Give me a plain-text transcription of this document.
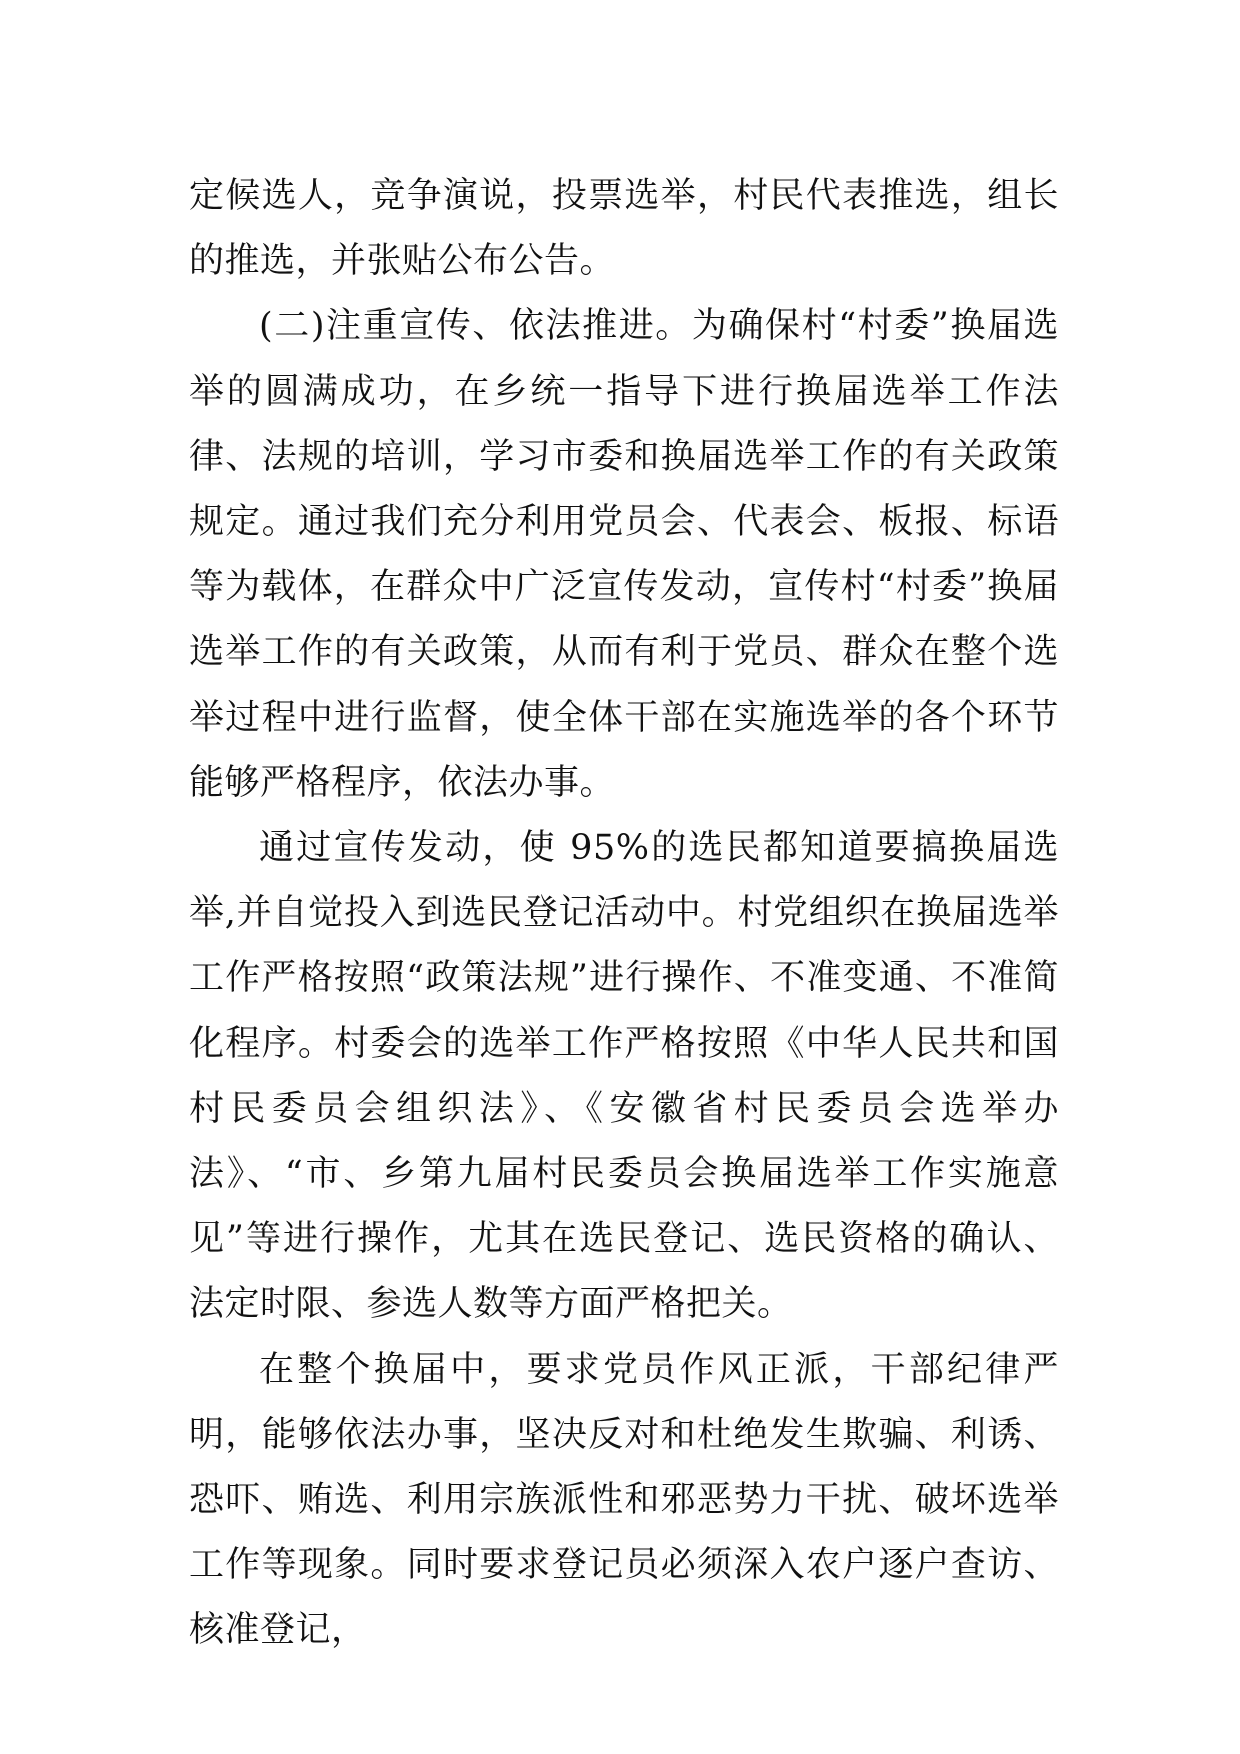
定候选人，竞争演说，投票选举，村民代表推选，组长的推选，并张贴公布公告。

(二)注重宣传、依法推进。为确保村“村委”换届选举的圆满成功，在乡统一指导下进行换届选举工作法律、法规的培训，学习市委和换届选举工作的有关政策规定。通过我们充分利用党员会、代表会、板报、标语等为载体，在群众中广泛宣传发动，宣传村“村委”换届选举工作的有关政策，从而有利于党员、群众在整个选举过程中进行监督，使全体干部在实施选举的各个环节能够严格程序，依法办事。

通过宣传发动，使 95%的选民都知道要搞换届选举,并自觉投入到选民登记活动中。村党组织在换届选举工作严格按照“政策法规”进行操作、不准变通、不准简化程序。村委会的选举工作严格按照《中华人民共和国村民委员会组织法》、《安徽省村民委员会选举办法》、“市、乡第九届村民委员会换届选举工作实施意见”等进行操作，尤其在选民登记、选民资格的确认、法定时限、参选人数等方面严格把关。

在整个换届中，要求党员作风正派，干部纪律严明，能够依法办事，坚决反对和杜绝发生欺骗、利诱、恐吓、贿选、利用宗族派性和邪恶势力干扰、破坏选举工作等现象。同时要求登记员必须深入农户逐户查访、核准登记，
